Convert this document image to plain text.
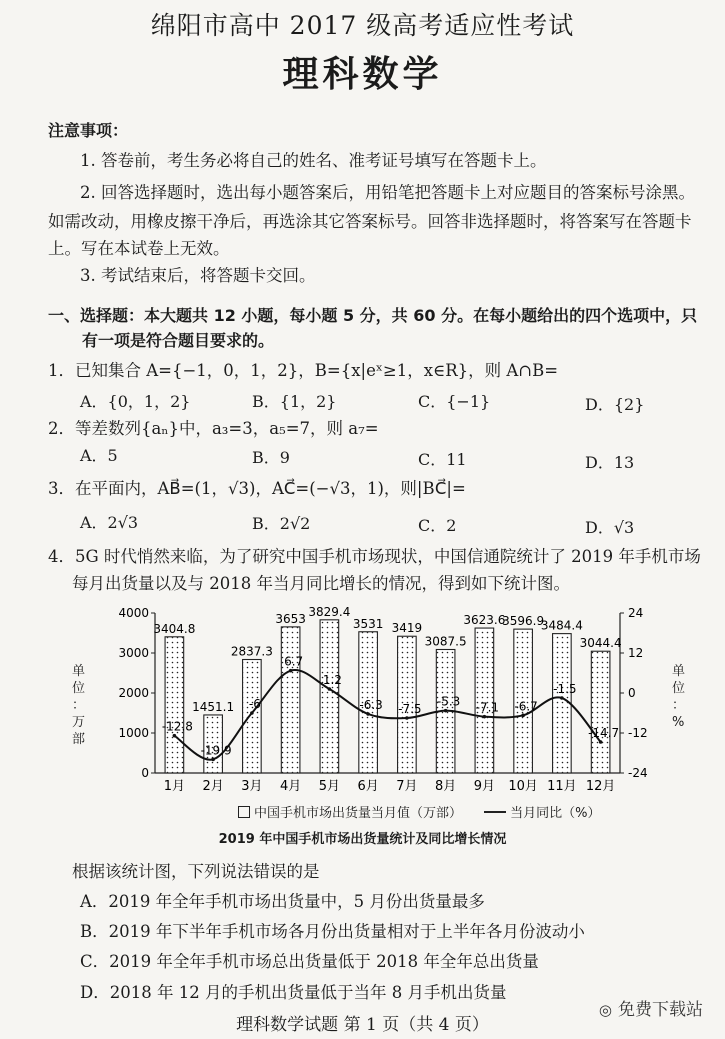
绵阳市高中 2017 级高考适应性考试
理科数学
注意事项：
1. 答卷前，考生务必将自己的姓名、准考证号填写在答题卡上。
2. 回答选择题时，选出每小题答案后，用铅笔把答题卡上对应题目的答案标号涂黑。
如需改动，用橡皮擦干净后，再选涂其它答案标号。回答非选择题时，将答案写在答题卡
上。写在本试卷上无效。
3. 考试结束后，将答题卡交回。
一、选择题：本大题共 12 小题，每小题 5 分，共 60 分。在每小题给出的四个选项中，只
有一项是符合题目要求的。
1．已知集合 A={−1，0，1，2}，B={x|eˣ≥1，x∈R}，则 A∩B=
A．{0，1，2}	B．{1，2}	C．{−1}	D．{2}
2．等差数列{aₙ}中，a₃=3，a₅=7，则 a₇=
A．5	B．9	C．11	D．13
3．在平面内，AB⃗=(1，√3)，AC⃗=(−√3，1)，则|BC⃗|=
A．2√3	B．2√2	C．2	D．√3
4．5G 时代悄然来临，为了研究中国手机市场现状，中国信通院统计了 2019 年手机市场
每月出货量以及与 2018 年当月同比增长的情况，得到如下统计图。
0
1000
2000
3000
4000
-24
-12
0
12
24
1月 2月 3月 4月 5月 6月 7月 8月 9月 10月 11月 12月
3404.8
1451.1
2837.3
3653
3829.4
3531 3419
3087.5
3623.6
3596.9
3484.4
3044.4
-12.8
-19.9
-6
6.7
1.2
-6.3 -7.5
-5.3 -7.1 -6.7
-1.5
-14.7
单
位
：
万
部
单
位
：
%
中国手机市场出货量当月值（万部）	当月同比（%）
2019 年中国手机市场出货量统计及同比增长情况
根据该统计图，下列说法错误的是
A．2019 年全年手机市场出货量中，5 月份出货量最多
B．2019 年下半年手机市场各月份出货量相对于上半年各月份波动小
C．2019 年全年手机市场总出货量低于 2018 年全年总出货量
D．2018 年 12 月的手机出货量低于当年 8 月手机出货量
◎ 免费下载站
理科数学试题 第 1 页（共 4 页）
